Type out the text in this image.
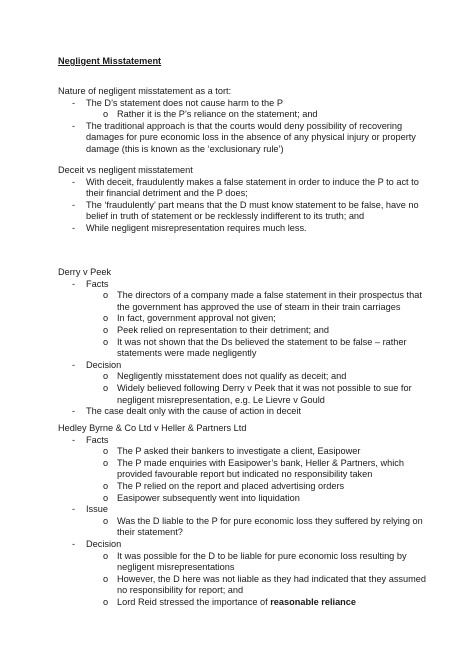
Negligent Misstatement
Nature of negligent misstatement as a tort:
- The D’s statement does not cause harm to the P
o Rather it is the P’s reliance on the statement; and
- The traditional approach is that the courts would deny possibility of recovering
damages for pure economic loss in the absence of any physical injury or property
damage (this is known as the ‘exclusionary rule’)
Deceit vs negligent misstatement
- With deceit, fraudulently makes a false statement in order to induce the P to act to
their financial detriment and the P does;
- The ‘fraudulently’ part means that the D must know statement to be false, have no
belief in truth of statement or be recklessly indifferent to its truth; and
- While negligent misrepresentation requires much less.
Derry v Peek
- Facts
o The directors of a company made a false statement in their prospectus that
the government has approved the use of steam in their train carriages
o In fact, government approval not given;
o Peek relied on representation to their detriment; and
o It was not shown that the Ds believed the statement to be false – rather
statements were made negligently
- Decision
o Negligently misstatement does not qualify as deceit; and
o Widely believed following Derry v Peek that it was not possible to sue for
negligent misrepresentation, e.g. Le Lievre v Gould
- The case dealt only with the cause of action in deceit
Hedley Byrne & Co Ltd v Heller & Partners Ltd
- Facts
o The P asked their bankers to investigate a client, Easipower
o The P made enquiries with Easipower’s bank, Heller & Partners, which
provided favourable report but indicated no responsibility taken
o The P relied on the report and placed advertising orders
o Easipower subsequently went into liquidation
- Issue
o Was the D liable to the P for pure economic loss they suffered by relying on
their statement?
- Decision
o It was possible for the D to be liable for pure economic loss resulting by
negligent misrepresentations
o However, the D here was not liable as they had indicated that they assumed
no responsibility for report; and
o Lord Reid stressed the importance of reasonable reliance
